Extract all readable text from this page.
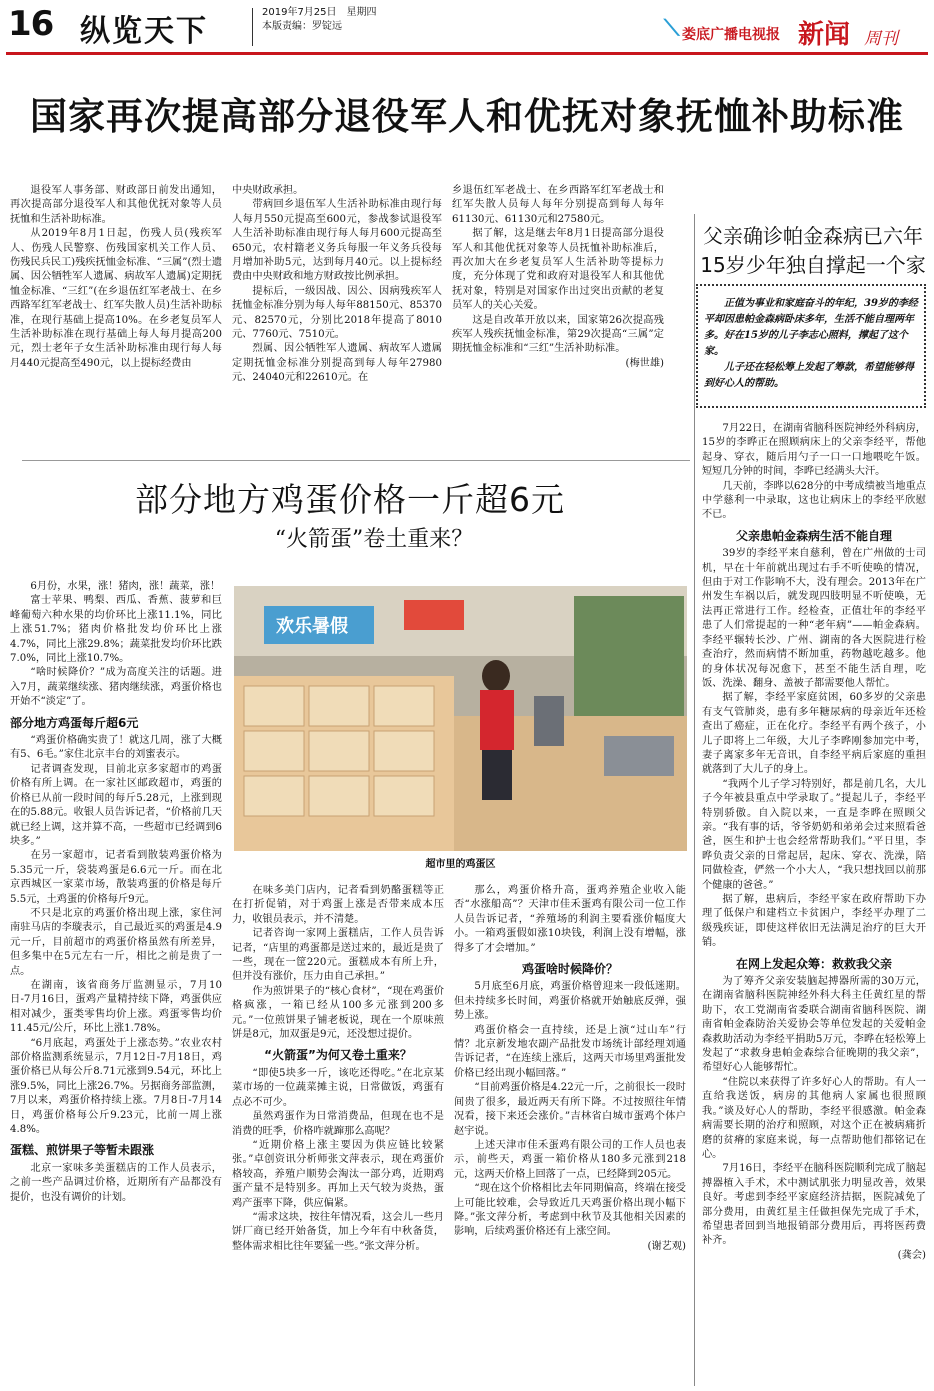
16 纵览天下
2019年7月25日　星期四
本版责编：罗锭远	⟍ 娄底广播电视报 新闻 周刊
国家再次提高部分退役军人和优抚对象抚恤补助标准

退役军人事务部、财政部日前发出通知，再次提高部分退役军人和其他优抚对象等人员抚恤和生活补助标准。

从2019年8月1日起，伤残人员(残疾军人、伤残人民警察、伤残国家机关工作人员、伤残民兵民工)残疾抚恤金标准、“三属”(烈士遗属、因公牺牲军人遗属、病故军人遗属)定期抚恤金标准、“三红”(在乡退伍红军老战士、在乡西路军红军老战士、红军失散人员)生活补助标准，在现行基础上提高10%。在乡老复员军人生活补助标准在现行基础上每人每月提高200元，烈士老年子女生活补助标准由现行每人每月440元提高至490元，以上提标经费由

中央财政承担。

带病回乡退伍军人生活补助标准由现行每人每月550元提高至600元，参战参试退役军人生活补助标准由现行每人每月600元提高至650元，农村籍老义务兵每服一年义务兵役每月增加补助5元，达到每月40元。以上提标经费由中央财政和地方财政按比例承担。

提标后，一级因战、因公、因病残疾军人抚恤金标准分别为每人每年88150元、85370元、82570元，分别比2018年提高了8010元、7760元、7510元。

烈属、因公牺牲军人遗属、病故军人遗属定期抚恤金标准分别提高到每人每年27980元、24040元和22610元。在

乡退伍红军老战士、在乡西路军红军老战士和红军失散人员每人每年分别提高到每人每年61130元、61130元和27580元。

据了解，这是继去年8月1日提高部分退役军人和其他优抚对象等人员抚恤补助标准后，再次加大在乡老复员军人生活补助等提标力度，充分体现了党和政府对退役军人和其他优抚对象，特别是对国家作出过突出贡献的老复员军人的关心关爱。

这是自改革开放以来，国家第26次提高残疾军人残疾抚恤金标准，第29次提高“三属”定期抚恤金标准和“三红”生活补助标准。

(梅世雄)

父亲确诊帕金森病已六年
15岁少年独自撑起一个家

正值为事业和家庭奋斗的年纪，39岁的李经平却因患帕金森病卧床多年，生活不能自理两年多。好在15岁的儿子李志心照料，撑起了这个家。

儿子还在轻松筹上发起了筹款，希望能够得到好心人的帮助。

7月22日，在湖南省脑科医院神经外科病房，15岁的李晔正在照顾病床上的父亲李经平，帮他起身、穿衣，随后用勺子一口一口地喂吃午饭。短短几分钟的时间，李晔已经满头大汗。

几天前，李晔以628分的中考成绩被当地重点中学慈利一中录取，这也让病床上的李经平欣慰不已。

父亲患帕金森病生活不能自理

39岁的李经平来自慈利，曾在广州做的士司机，早在十年前就出现过右手不听使唤的情况，但由于对工作影响不大，没有理会。2013年在广州发生车祸以后，就发现四肢明显不听使唤，无法再正常进行工作。经检查，正值壮年的李经平患了人们常提起的一种“老年病”——帕金森病。李经平辗转长沙、广州、湖南的各大医院进行检查治疗，然而病情不断加重，药物越吃越多。他的身体状况每况愈下，甚至不能生活自理，吃饭、洗澡、翻身、盖被子都需要他人帮忙。

据了解，李经平家庭贫困，60多岁的父亲患有支气管肺炎，患有多年糖尿病的母亲近年还检查出了癌症，正在化疗。李经平有两个孩子，小儿子即将上二年级，大儿子李晔刚参加完中考，妻子离家多年无音讯，自李经平病后家庭的重担就落到了大儿子的身上。

“我两个儿子学习特别好，都是前几名，大儿子今年被县重点中学录取了。”提起儿子，李经平特别骄傲。自入院以来，一直是李晔在照顾父亲。“我有事的话，爷爷奶奶和弟弟会过来照看爸爸，医生和护士也会经常帮助我们。”平日里，李晔负责父亲的日常起居，起床、穿衣、洗澡，陪同做检查，俨然一个小大人，“我只想找回以前那个健康的爸爸。”

据了解，患病后，李经平家在政府帮助下办理了低保户和建档立卡贫困户，李经平办理了二级残疾证，即使这样依旧无法满足治疗的巨大开销。

在网上发起众筹：救救我父亲

为了筹齐父亲安装脑起搏器所需的30万元，在湖南省脑科医院神经外科大科主任黄红星的帮助下，农工党湖南省委联合湖南省脑科医院、湖南省帕金森防治关爱协会等单位发起的关爱帕金森救助活动为李经平捐助5万元，李晔在轻松筹上发起了“求救身患帕金森综合征晚期的我父亲”，希望好心人能够帮忙。

“住院以来获得了许多好心人的帮助。有人一直给我送饭，病房的其他病人家属也很照顾我。”谈及好心人的帮助，李经平很感激。帕金森病需要长期的治疗和照顾，对这个正在被病痛折磨的贫瘠的家庭来说，每一点帮助他们都铭记在心。

7月16日，李经平在脑科医院顺利完成了脑起搏器植入手术，术中测试肌张力明显改善，效果良好。考虑到李经平家庭经济拮据，医院减免了部分费用，由黄红星主任做担保先完成了手术，希望患者回到当地报销部分费用后，再将医药费补齐。

(龚会)

部分地方鸡蛋价格一斤超6元
“火箭蛋”卷土重来？
欢乐暑假
超市里的鸡蛋区

6月份，水果，涨！猪肉，涨！蔬菜，涨！

富士苹果、鸭梨、西瓜、香蕉、菠萝和巨峰葡萄六种水果的均价环比上涨11.1%，同比上涨51.7%；猪肉价格批发均价环比上涨4.7%，同比上涨29.8%；蔬菜批发均价环比跌7.0%，同比上涨10.7%。

“啥时候降价？”成为高度关注的话题。进入7月，蔬菜继续涨、猪肉继续涨，鸡蛋价格也开始不“淡定”了。

部分地方鸡蛋每斤超6元

“鸡蛋价格确实贵了！就这几周，涨了大概有5、6毛。”家住北京丰台的刘蜜表示。

记者调查发现，目前北京多家超市的鸡蛋价格有所上调。在一家社区邮政超市，鸡蛋的价格已从前一段时间的每斤5.28元，上涨到现在的5.88元。收银人员告诉记者，“价格前几天就已经上调，这并算不高，一些超市已经调到6块多。”

在另一家超市，记者看到散装鸡蛋价格为5.35元一斤，袋装鸡蛋是6.6元一斤。而在北京西城区一家菜市场，散装鸡蛋的价格是每斤5.5元，土鸡蛋的价格每斤9元。

不只是北京的鸡蛋价格出现上涨，家住河南驻马店的李璇表示，自己最近买的鸡蛋是4.9元一斤，目前超市的鸡蛋价格虽然有所差异，但多集中在5元左右一斤，相比之前是贵了一点。

在湖南，该省商务厅监测显示，7月10日-7月16日，蛋鸡产量精持续下降，鸡蛋供应相对减少，蛋类零售均价上涨。鸡蛋零售均价11.45元/公斤，环比上涨1.78%。

“6月底起，鸡蛋处于上涨态势。”农业农村部价格监测系统显示，7月12日-7月18日，鸡蛋价格已从每公斤8.71元涨到9.54元，环比上涨9.5%，同比上涨26.7%。另据商务部监测，7月以来，鸡蛋价格持续上涨。7月8日-7月14日，鸡蛋价格每公斤9.23元，比前一周上涨4.8%。

蛋糕、煎饼果子等暂未跟涨

北京一家味多美蛋糕店的工作人员表示，之前一些产品调过价格，近期所有产品都没有提价，也没有调价的计划。

在味多美门店内，记者看到奶酪蛋糕等正在打折促销，对于鸡蛋上涨是否带来成本压力，收银员表示，并不清楚。

记者咨询一家网上蛋糕店，工作人员告诉记者，“店里的鸡蛋都是送过来的，最近是贵了一些，现在一筐220元。蛋糕成本有所上升，但并没有涨价，压力由自己承担。”

作为煎饼果子的“核心食材”，“现在鸡蛋价格疯涨，一箱已经从100多元涨到200多元。”一位煎饼果子铺老板说，现在一个原味煎饼是8元，加双蛋是9元，还没想过提价。

“火箭蛋”为何又卷土重来？

“即使5块多一斤，该吃还得吃。”在北京某菜市场的一位蔬菜摊主说，日常做饭，鸡蛋有点必不可少。

虽然鸡蛋作为日常消费品，但现在也不是消费的旺季，价格咋就蹿那么高呢？

“近期价格上涨主要因为供应链比较紧张。”卓创资讯分析师张文萍表示，现在鸡蛋价格较高，养殖户顺势会淘汰一部分鸡，近期鸡蛋产量不是特别多。再加上天气较为炎热，蛋鸡产蛋率下降，供应偏紧。

“需求这块，按往年情况看，这会儿一些月饼厂商已经开始备货，加上今年有中秋备货，整体需求相比往年要猛一些。”张文萍分析。

那么，鸡蛋价格升高，蛋鸡养殖企业收入能否“水涨船高”？天津市佳禾蛋鸡有限公司一位工作人员告诉记者，“养殖场的利润主要看涨价幅度大小。一箱鸡蛋假如涨10块钱，利润上没有增幅，涨得多了才会增加。”

鸡蛋啥时候降价？

5月底至6月底，鸡蛋价格曾迎来一段低迷期。但未持续多长时间，鸡蛋价格就开始触底反弹，强势上涨。

鸡蛋价格会一直持续，还是上演“过山车”行情？北京新发地农副产品批发市场统计部经理刘通告诉记者，“在连续上涨后，这两天市场里鸡蛋批发价格已经出现小幅回落。”

“目前鸡蛋价格是4.22元一斤，之前很长一段时间贵了很多，最近两天有所下降。不过按照往年情况看，接下来还会涨价。”吉林省白城市蛋鸡个体户赵宇说。

上述天津市佳禾蛋鸡有限公司的工作人员也表示，前些天，鸡蛋一箱价格从180多元涨到218元，这两天价格上回落了一点，已经降到205元。

“现在这个价格相比去年同期偏高，终端在接受上可能比较难，会导致近几天鸡蛋价格出现小幅下降。”张文萍分析，考虑到中秋节及其他相关因素的影响，后续鸡蛋价格还有上涨空间。

(谢艺观)
